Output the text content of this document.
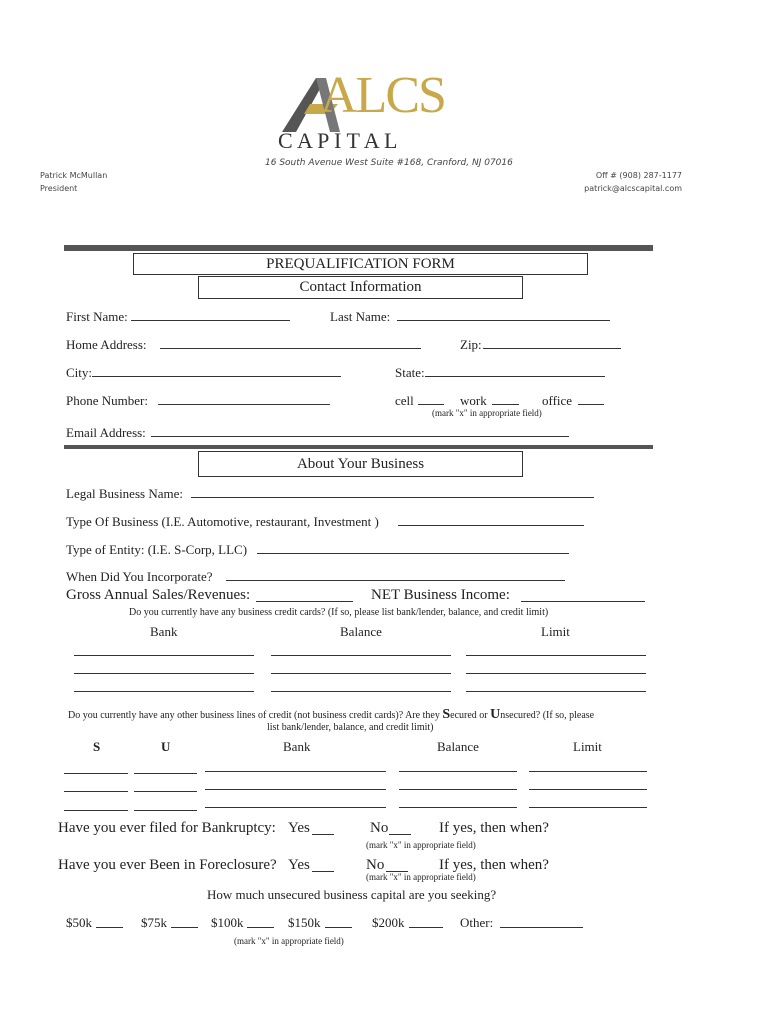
ALCS
C A P I T A L
16 South Avenue West Suite #168, Cranford, NJ 07016
Patrick McMullan
President
Off # (908) 287-1177
patrick@alcscapital.com
PREQUALIFICATION FORM
Contact Information
First Name:	Last Name:
Home Address:	Zip:
City:	State:
Phone Number:	cell	work	office
(mark "x" in appropriate field)
Email Address:
About Your Business
Legal Business Name:
Type Of Business (I.E. Automotive, restaurant, Investment )
Type of Entity: (I.E. S-Corp, LLC)
When Did You Incorporate?
Gross Annual Sales/Revenues:	NET Business Income:
Do you currently have any business credit cards? (If so, please list bank/lender, balance, and credit limit)
Bank	Balance	Limit
Do you currently have any other business lines of credit (not business credit cards)? Are they Secured or Unsecured? (If so, please
list bank/lender, balance, and credit limit)
S	U	Bank	Balance	Limit
Have you ever filed for Bankruptcy: Yes	No	If yes, then when?
(mark "x" in appropriate field)
Have you ever Been in Foreclosure? Yes	No	If yes, then when?
(mark "x" in appropriate field)
How much unsecured business capital are you seeking?
$50k	$75k	$100k	$150k	$200k	Other:
(mark "x" in appropriate field)
